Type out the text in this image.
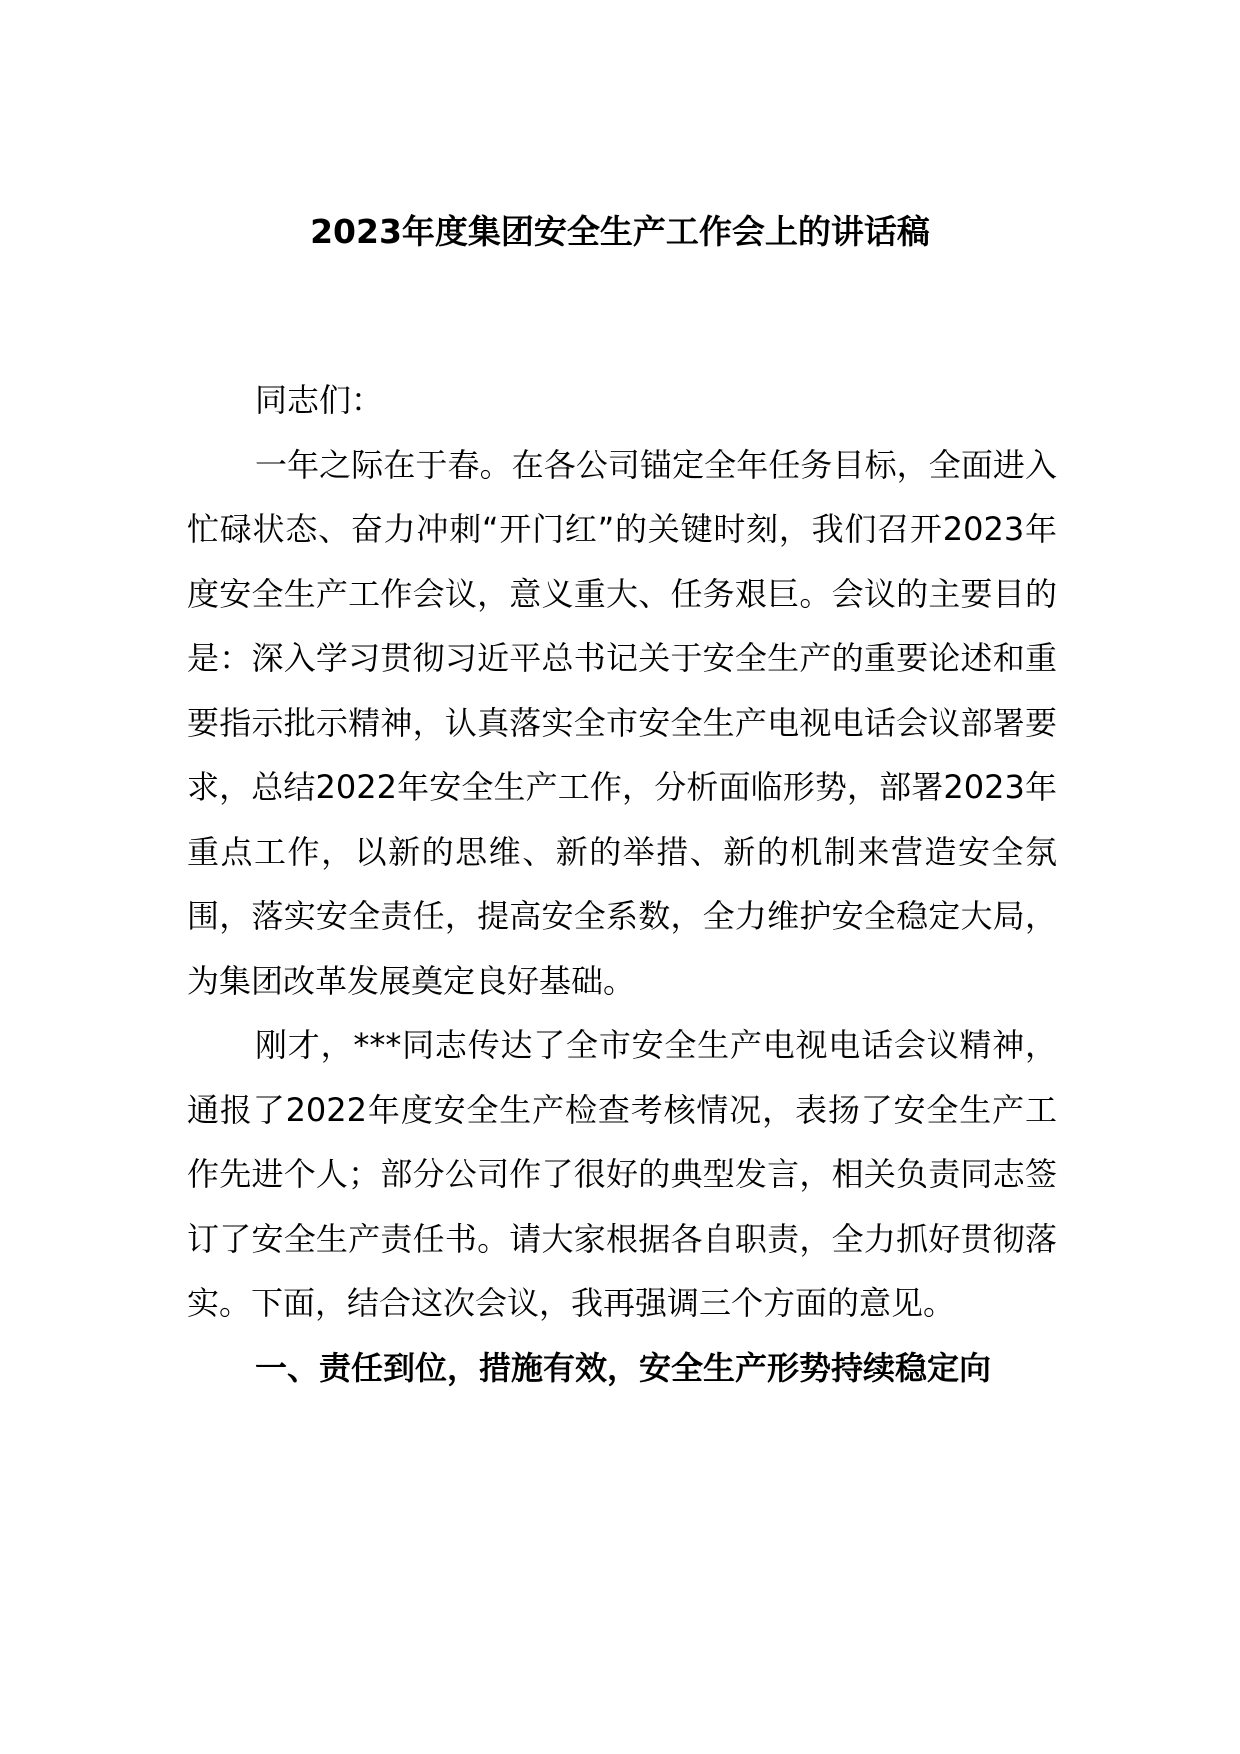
2023年度集团安全生产工作会上的讲话稿

同志们：

一年之际在于春。在各公司锚定全年任务目标，全面进入忙碌状态、奋力冲刺“开门红”的关键时刻，我们召开2023年度安全生产工作会议，意义重大、任务艰巨。会议的主要目的是：深入学习贯彻习近平总书记关于安全生产的重要论述和重要指示批示精神，认真落实全市安全生产电视电话会议部署要求，总结2022年安全生产工作，分析面临形势，部署2023年重点工作，以新的思维、新的举措、新的机制来营造安全氛围，落实安全责任，提高安全系数，全力维护安全稳定大局，为集团改革发展奠定良好基础。

刚才，***同志传达了全市安全生产电视电话会议精神，通报了2022年度安全生产检查考核情况，表扬了安全生产工作先进个人；部分公司作了很好的典型发言，相关负责同志签订了安全生产责任书。请大家根据各自职责，全力抓好贯彻落实。下面，结合这次会议，我再强调三个方面的意见。

一、责任到位，措施有效，安全生产形势持续稳定向
